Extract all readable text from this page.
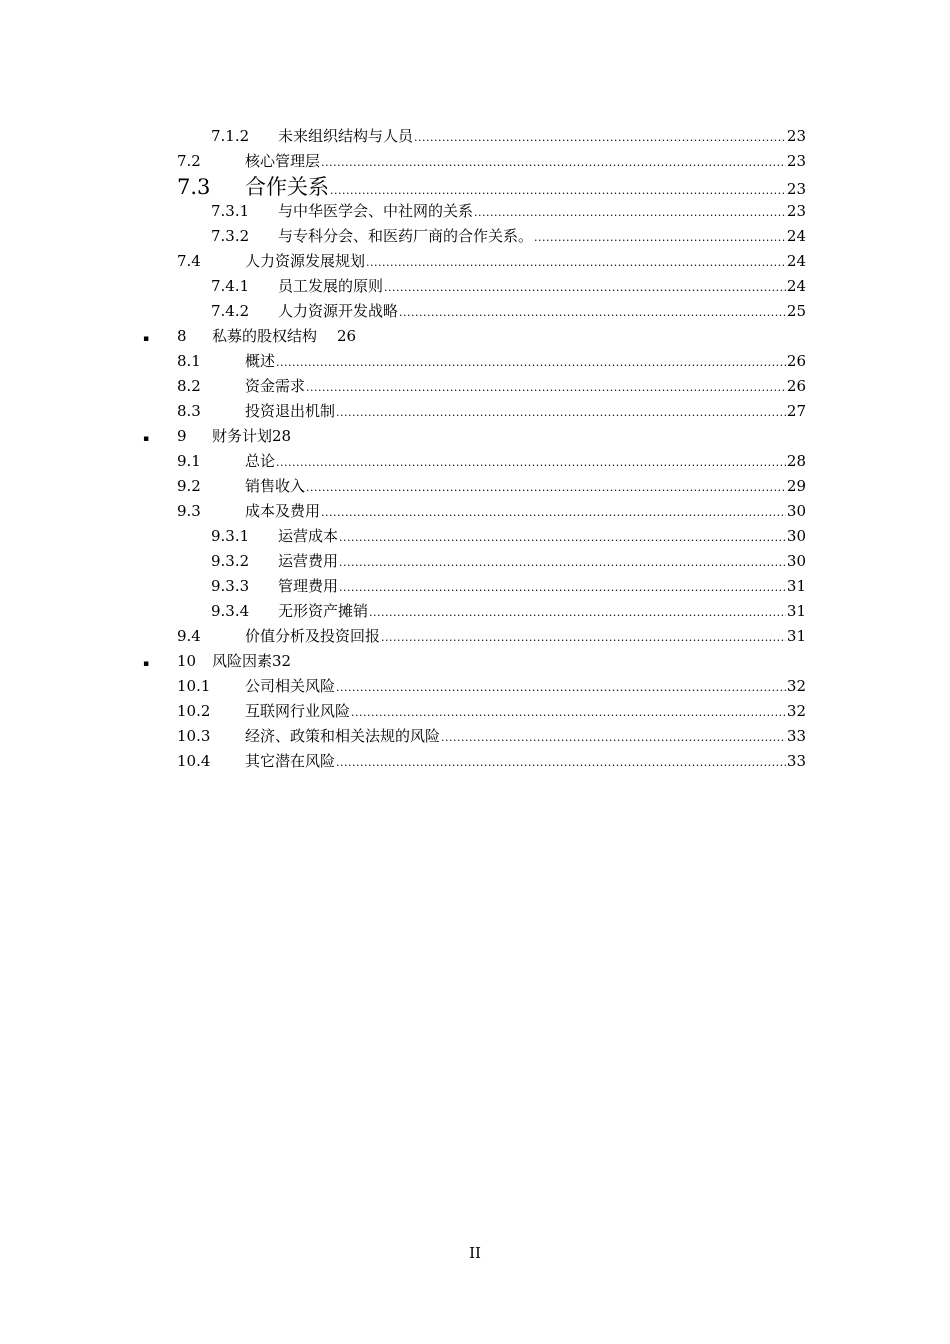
7.1.2	未来组织结构与人员 .....	23
7.2	核心管理层 .....	23
7.3	合作关系 .....	23
7.3.1	与中华医学会、中社网的关系 .....	23
7.3.2	与专科分会、和医药厂商的合作关系。 .....	24
7.4	人力资源发展规划 .....	24
7.4.1	员工发展的原则 .....	24
7.4.2	人力资源开发战略 .....	25
▪	8	私募的股权结构 26
8.1	概述 .....	26
8.2	资金需求 .....	26
8.3	投资退出机制 .....	27
▪	9	财务计划 28
9.1	总论 .....	28
9.2	销售收入 .....	29
9.3	成本及费用 .....	30
9.3.1	运营成本 .....	30
9.3.2	运营费用 .....	30
9.3.3	管理费用 .....	31
9.3.4	无形资产摊销 .....	31
9.4	价值分析及投资回报 .....	31
▪	10	风险因素 32
10.1	公司相关风险 .....	32
10.2	互联网行业风险 .....	32
10.3	经济、政策和相关法规的风险 .....	33
10.4	其它潜在风险 .....	33
II
